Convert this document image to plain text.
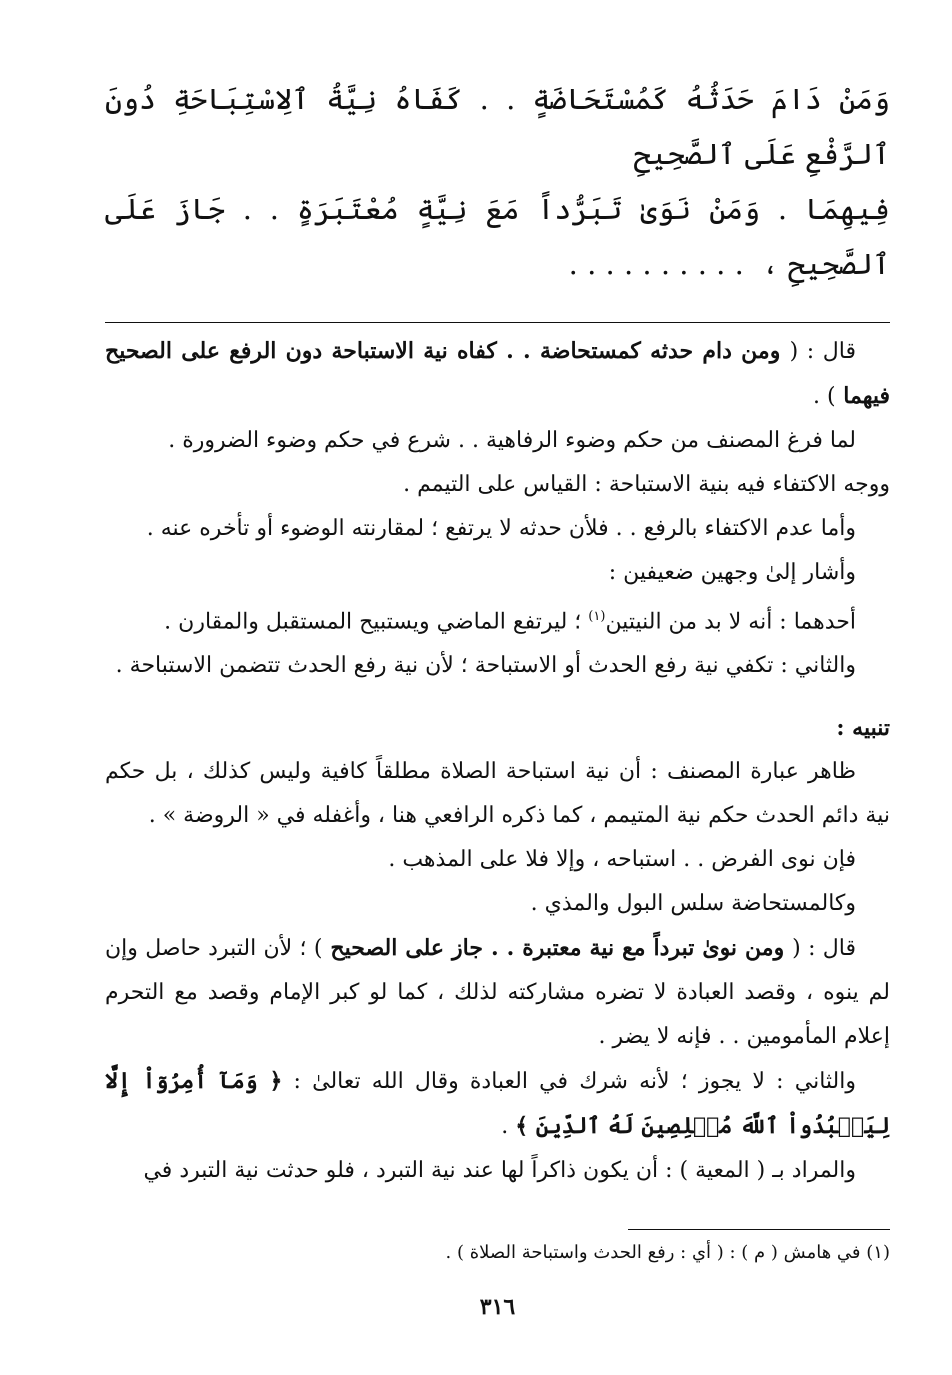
وَمَنْ دَامَ حَدَثُهُ كَمُسْتَحَاضَةٍ . . كَفَاهُ نِيَّةُ ٱلِاسْتِبَاحَةِ دُونَ ٱلرَّفْعِ عَلَى ٱلصَّحِيحِ
فِيهِمَا . وَمَنْ نَوَىٰ تَبَرُّداً مَعَ نِيَّةٍ مُعْتَبَرَةٍ . . جَازَ عَلَى ٱلصَّحِيحِ ،. . . . . . . . . .

قال : ( ومن دام حدثه كمستحاضة . . كفاه نية الاستباحة دون الرفع على الصحيح فيهما ) .

لما فرغ المصنف من حكم وضوء الرفاهية . . شرع في حكم وضوء الضرورة .

ووجه الاكتفاء فيه بنية الاستباحة : القياس على التيمم .

وأما عدم الاكتفاء بالرفع . . فلأن حدثه لا يرتفع ؛ لمقارنته الوضوء أو تأخره عنه .

وأشار إلىٰ وجهين ضعيفين :

أحدهما : أنه لا بد من النيتين$^{(١)}$ ؛ ليرتفع الماضي ويستبيح المستقبل والمقارن .

والثاني : تكفي نية رفع الحدث أو الاستباحة ؛ لأن نية رفع الحدث تتضمن الاستباحة .

تنبيه :

ظاهر عبارة المصنف : أن نية استباحة الصلاة مطلقاً كافية وليس كذلك ، بل حكم نية دائم الحدث حكم نية المتيمم ، كما ذكره الرافعي هنا ، وأغفله في « الروضة » .

فإن نوى الفرض . . استباحه ، وإلا فلا على المذهب .

وكالمستحاضة سلس البول والمذي .

قال : ( ومن نوىٰ تبرداً مع نية معتبرة . . جاز على الصحيح ) ؛ لأن التبرد حاصل وإن لم ينوه ، وقصد العبادة لا تضره مشاركته لذلك ، كما لو كبر الإمام وقصد مع التحرم إعلام المأمومين . . فإنه لا يضر .

والثاني : لا يجوز ؛ لأنه شرك في العبادة وقال الله تعالىٰ : ﴿ وَمَآ أُمِرُوٓاْ إِلَّا لِيَعۡبُدُواْ ٱللَّهَ مُخۡلِصِينَ لَهُ ٱلدِّينَ ﴾ .

والمراد بـ ( المعية ) : أن يكون ذاكراً لها عند نية التبرد ، فلو حدثت نية التبرد في

(١) في هامش ( م ) : ( أي : رفع الحدث واستباحة الصلاة ) .
٣١٦
